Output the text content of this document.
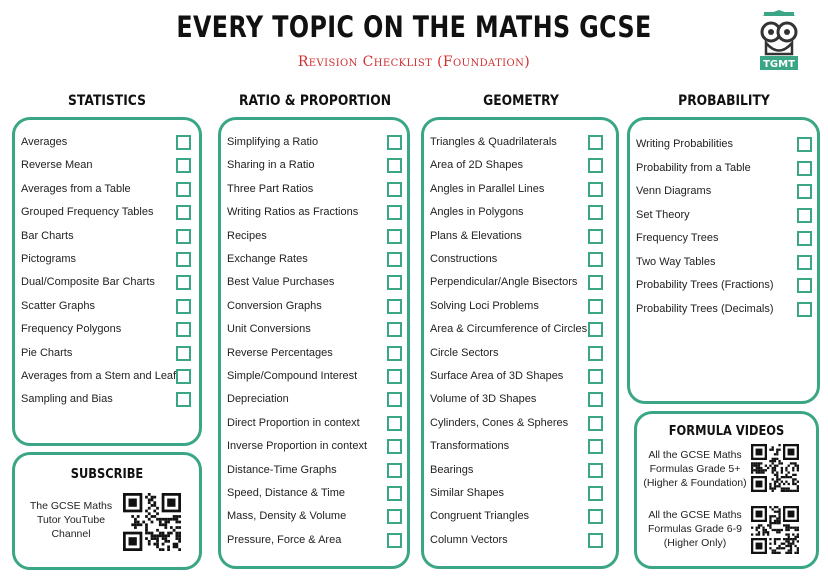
EVERY TOPIC ON THE MATHS GCSE
Revision Checklist (Foundation)	TGMT
STATISTICS	RATIO & PROPORTION	GEOMETRY	PROBABILITY
Averages
Reverse Mean
Averages from a Table
Grouped Frequency Tables
Bar Charts
Pictograms
Dual/Composite Bar Charts
Scatter Graphs
Frequency Polygons
Pie Charts
Averages from a Stem and Leaf
Sampling and Bias
Simplifying a Ratio
Sharing in a Ratio
Three Part Ratios
Writing Ratios as Fractions
Recipes
Exchange Rates
Best Value Purchases
Conversion Graphs
Unit Conversions
Reverse Percentages
Simple/Compound Interest
Depreciation
Direct Proportion in context
Inverse Proportion in context
Distance-Time Graphs
Speed, Distance & Time
Mass, Density & Volume
Pressure, Force & Area
Triangles & Quadrilaterals
Area of 2D Shapes
Angles in Parallel Lines
Angles in Polygons
Plans & Elevations
Constructions
Perpendicular/Angle Bisectors
Solving Loci Problems
Area & Circumference of Circles
Circle Sectors
Surface Area of 3D Shapes
Volume of 3D Shapes
Cylinders, Cones & Spheres
Transformations
Bearings
Similar Shapes
Congruent Triangles
Column Vectors
Writing Probabilities
Probability from a Table
Venn Diagrams
Set Theory
Frequency Trees
Two Way Tables
Probability Trees (Fractions)
Probability Trees (Decimals)
SUBSCRIBE
The GCSE Maths
Tutor YouTube
Channel
FORMULA VIDEOS
All the GCSE Maths
Formulas Grade 5+
(Higher & Foundation)
All the GCSE Maths
Formulas Grade 6-9
(Higher Only)
